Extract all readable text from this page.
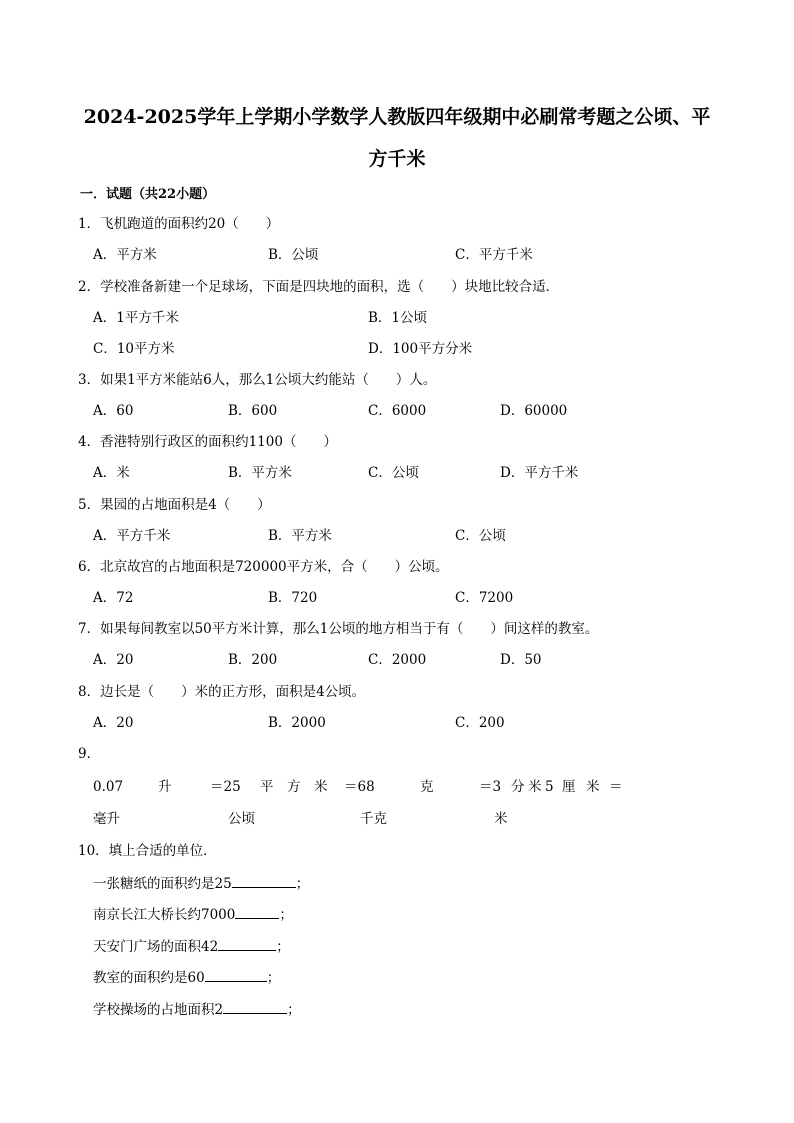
2024-2025学年上学期小学数学人教版四年级期中必刷常考题之公顷、平
方千米
一．试题（共22小题）
1．飞机跑道的面积约20（　　）
A．平方米	B．公顷	C．平方千米
2．学校准备新建一个足球场，下面是四块地的面积，选（　　）块地比较合适．
A．1平方千米	B．1公顷
C．10平方米	D．100平方分米
3．如果1平方米能站6人，那么1公顷大约能站（　　）人。
A．60	B．600	C．6000	D．60000
4．香港特别行政区的面积约1100（　　）
A．米	B．平方米	C．公顷	D．平方千米
5．果园的占地面积是4（　　）
A．平方千米	B．平方米	C．公顷
6．北京故宫的占地面积是720000平方米，合（　　）公顷。
A．72	B．720	C．7200
7．如果每间教室以50平方米计算，那么1公顷的地方相当于有（　　）间这样的教室。
A．20	B．200	C．2000	D．50
8．边长是（　　）米的正方形，面积是4公顷。
A．20	B．2000	C．200
9．
0.07	升	＝25 平 方 米 ＝68	克	＝3 分 米 5 厘 米 ＝
毫升	公顷	千克	米
10．填上合适的单位．
一张糖纸的面积约是25	；
南京长江大桥长约7000	；
天安门广场的面积42	；
教室的面积约是60	；
学校操场的占地面积2	；
